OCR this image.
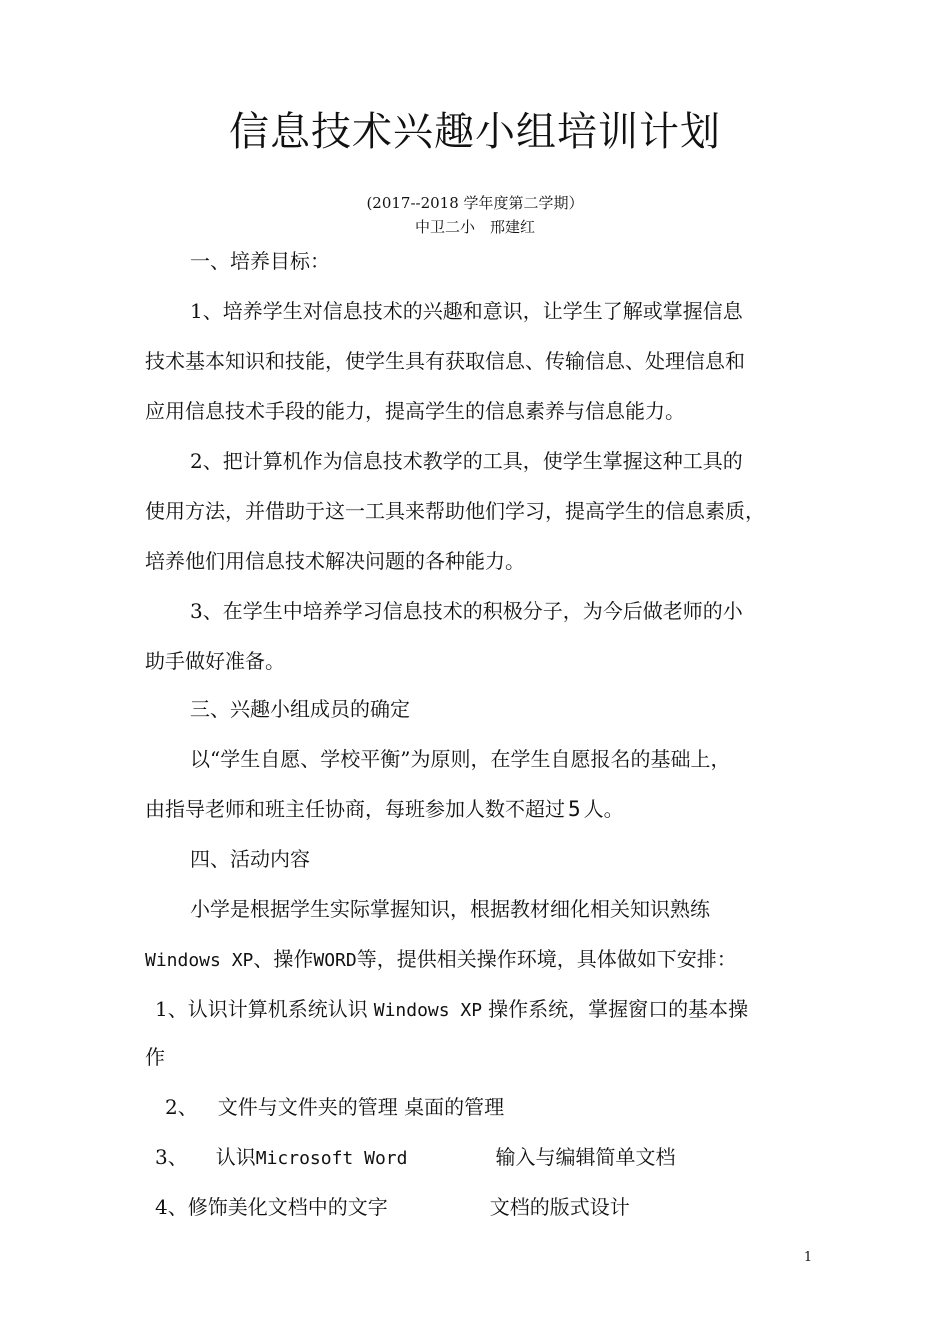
信息技术兴趣小组培训计划
(2017--2018 学年度第二学期）
中卫二小　邢建红
一、培养目标：
1、培养学生对信息技术的兴趣和意识，让学生了解或掌握信息
技术基本知识和技能，使学生具有获取信息、传输信息、处理信息和
应用信息技术手段的能力，提高学生的信息素养与信息能力。
2、把计算机作为信息技术教学的工具，使学生掌握这种工具的
使用方法，并借助于这一工具来帮助他们学习，提高学生的信息素质，
培养他们用信息技术解决问题的各种能力。
3、在学生中培养学习信息技术的积极分子，为今后做老师的小
助手做好准备。
三、兴趣小组成员的确定
以“学生自愿、学校平衡”为原则，在学生自愿报名的基础上，
由指导老师和班主任协商，每班参加人数不超过 5 人。
四、活动内容
小学是根据学生实际掌握知识，根据教材细化相关知识熟练
Windows XP、操作WORD等，提供相关操作环境，具体做如下安排：
1、认识计算机系统认识 Windows XP 操作系统，掌握窗口的基本操
作
2、 文件与文件夹的管理 桌面的管理
3、 认识Microsoft Word	输入与编辑简单文档
4、修饰美化文档中的文字	文档的版式设计
1
